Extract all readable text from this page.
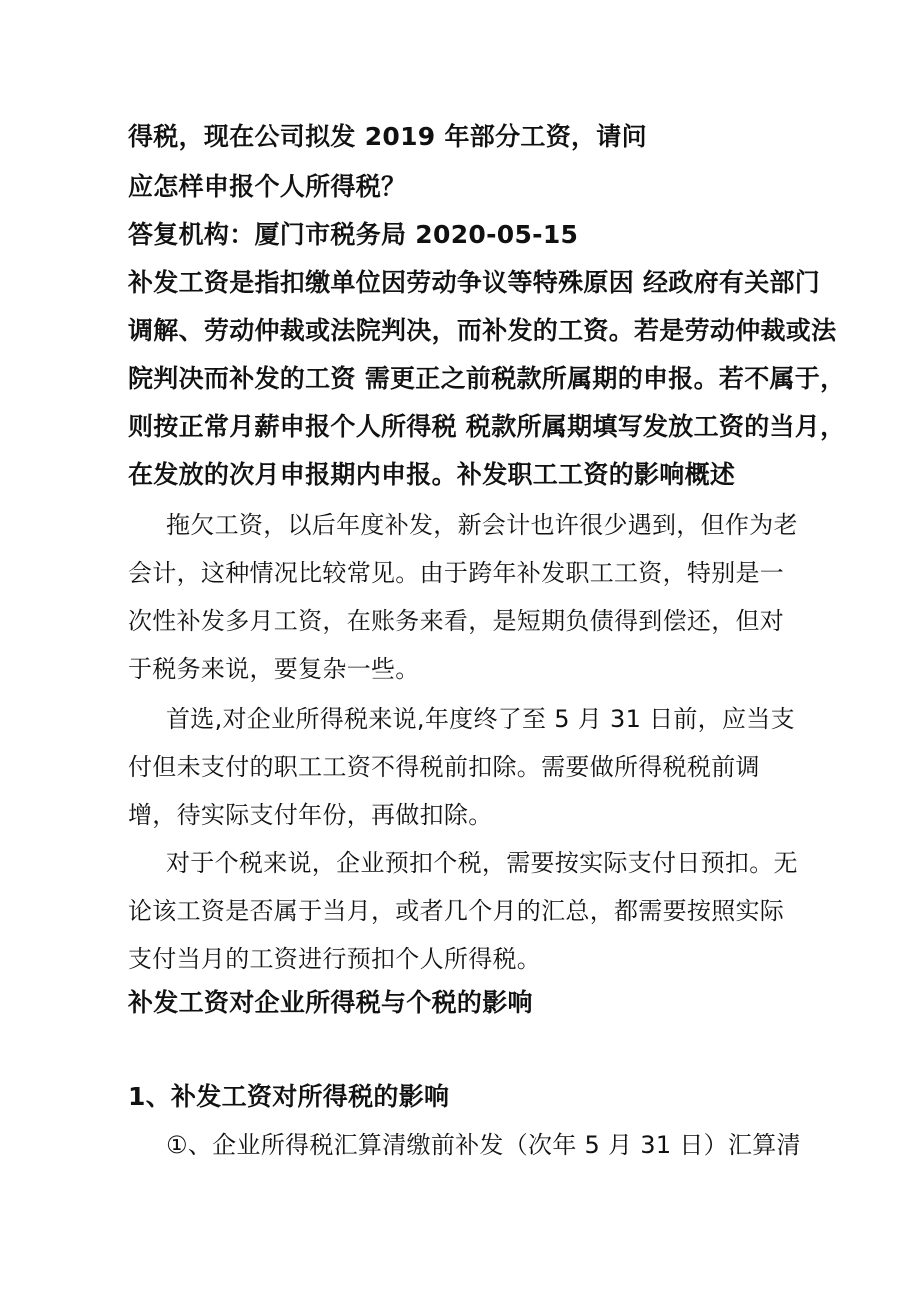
得税，现在公司拟发 2019 年部分工资，请问
应怎样申报个人所得税？
答复机构：厦门市税务局 2020-05-15
补发工资是指扣缴单位因劳动争议等特殊原因 经政府有关部门
调解、劳动仲裁或法院判决，而补发的工资。若是劳动仲裁或法
院判决而补发的工资 需更正之前税款所属期的申报。若不属于，
则按正常月薪申报个人所得税 税款所属期填写发放工资的当月，
在发放的次月申报期内申报。补发职工工资的影响概述
拖欠工资，以后年度补发，新会计也许很少遇到，但作为老
会计，这种情况比较常见。由于跨年补发职工工资，特别是一
次性补发多月工资，在账务来看，是短期负债得到偿还，但对
于税务来说，要复杂一些。
首选,对企业所得税来说,年度终了至 5 月 31 日前，应当支
付但未支付的职工工资不得税前扣除。需要做所得税税前调
增，待实际支付年份，再做扣除。
对于个税来说，企业预扣个税，需要按实际支付日预扣。无
论该工资是否属于当月，或者几个月的汇总，都需要按照实际
支付当月的工资进行预扣个人所得税。
补发工资对企业所得税与个税的影响
1、补发工资对所得税的影响
①、企业所得税汇算清缴前补发（次年 5 月 31 日）汇算清
